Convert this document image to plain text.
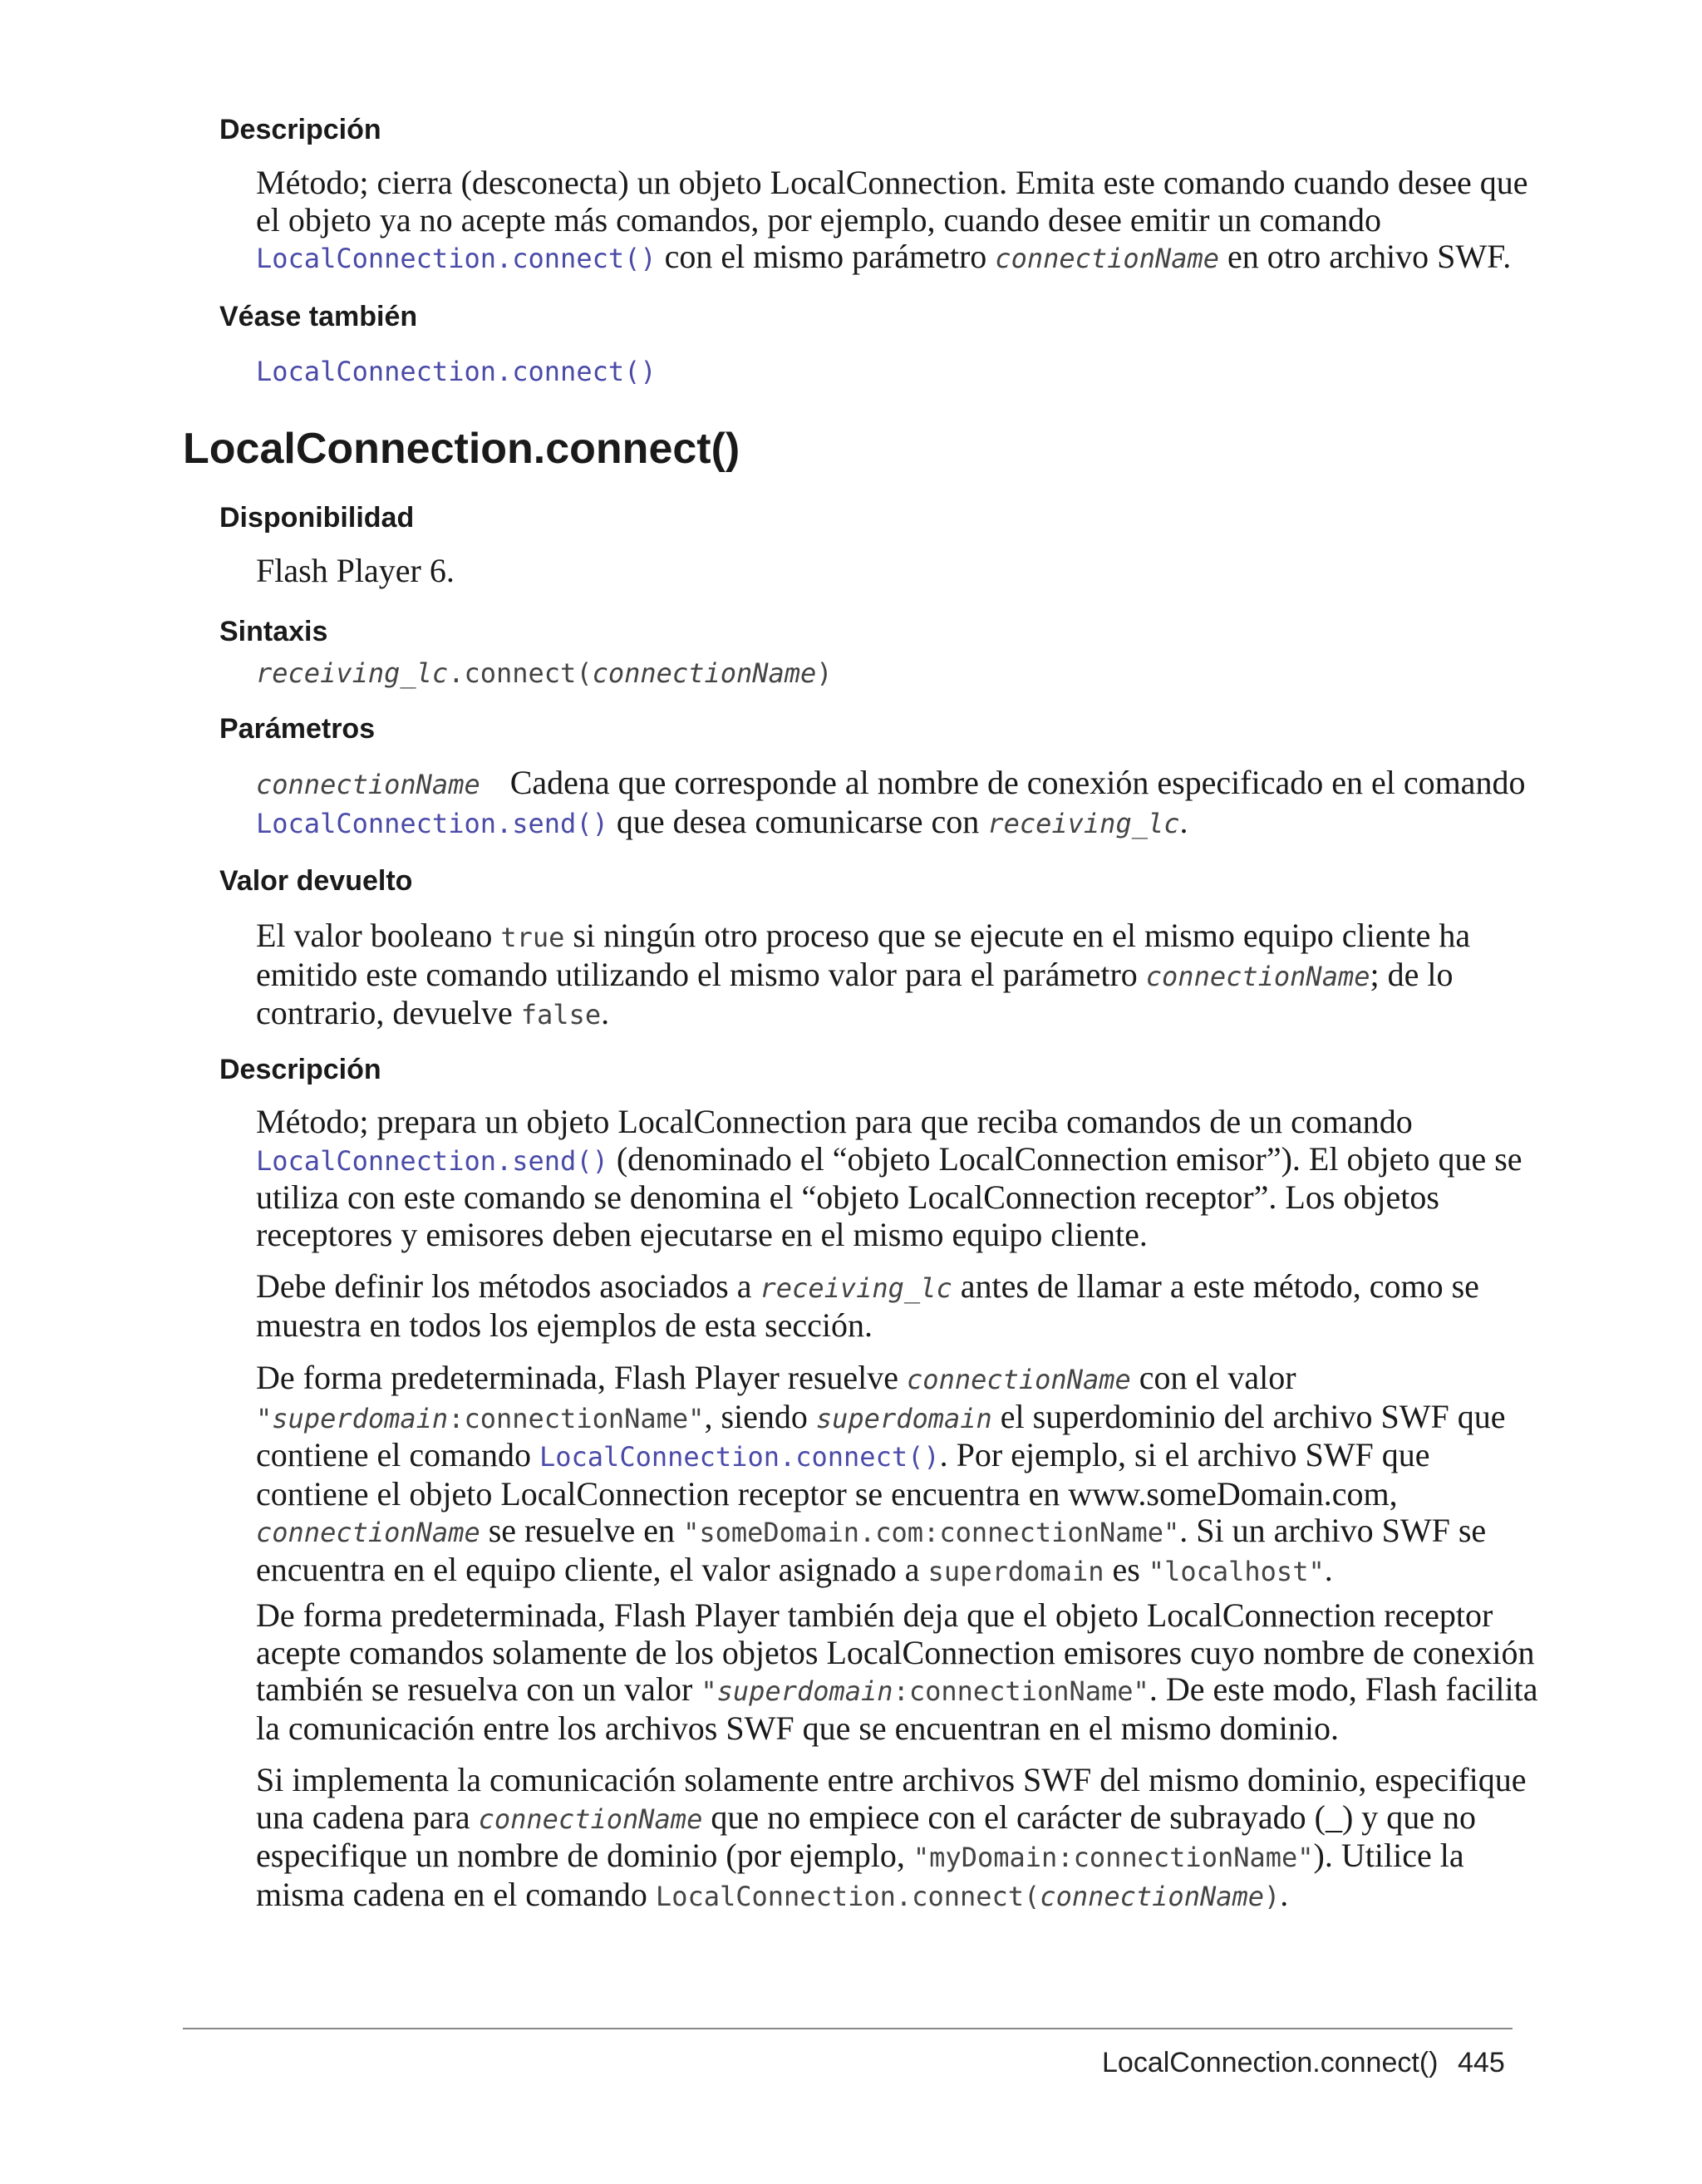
Descripción
Método; cierra (desconecta) un objeto LocalConnection. Emita este comando cuando desee que
el objeto ya no acepte más comandos, por ejemplo, cuando desee emitir un comando
LocalConnection.connect() con el mismo parámetro connectionName en otro archivo SWF.
Véase también
LocalConnection.connect()
LocalConnection.connect()
Disponibilidad
Flash Player 6.
Sintaxis
receiving_lc.connect(connectionName)
Parámetros
connectionName Cadena que corresponde al nombre de conexión especificado en el comando
LocalConnection.send() que desea comunicarse con receiving_lc.
Valor devuelto
El valor booleano true si ningún otro proceso que se ejecute en el mismo equipo cliente ha
emitido este comando utilizando el mismo valor para el parámetro connectionName; de lo
contrario, devuelve false.
Descripción
Método; prepara un objeto LocalConnection para que reciba comandos de un comando
LocalConnection.send() (denominado el “objeto LocalConnection emisor”). El objeto que se
utiliza con este comando se denomina el “objeto LocalConnection receptor”. Los objetos
receptores y emisores deben ejecutarse en el mismo equipo cliente.
Debe definir los métodos asociados a receiving_lc antes de llamar a este método, como se
muestra en todos los ejemplos de esta sección.
De forma predeterminada, Flash Player resuelve connectionName con el valor
"superdomain:connectionName", siendo superdomain el superdominio del archivo SWF que
contiene el comando LocalConnection.connect(). Por ejemplo, si el archivo SWF que
contiene el objeto LocalConnection receptor se encuentra en www.someDomain.com,
connectionName se resuelve en "someDomain.com:connectionName". Si un archivo SWF se
encuentra en el equipo cliente, el valor asignado a superdomain es "localhost".
De forma predeterminada, Flash Player también deja que el objeto LocalConnection receptor
acepte comandos solamente de los objetos LocalConnection emisores cuyo nombre de conexión
también se resuelva con un valor "superdomain:connectionName". De este modo, Flash facilita
la comunicación entre los archivos SWF que se encuentran en el mismo dominio.
Si implementa la comunicación solamente entre archivos SWF del mismo dominio, especifique
una cadena para connectionName que no empiece con el carácter de subrayado (_) y que no
especifique un nombre de dominio (por ejemplo, "myDomain:connectionName"). Utilice la
misma cadena en el comando LocalConnection.connect(connectionName).
LocalConnection.connect() 445
